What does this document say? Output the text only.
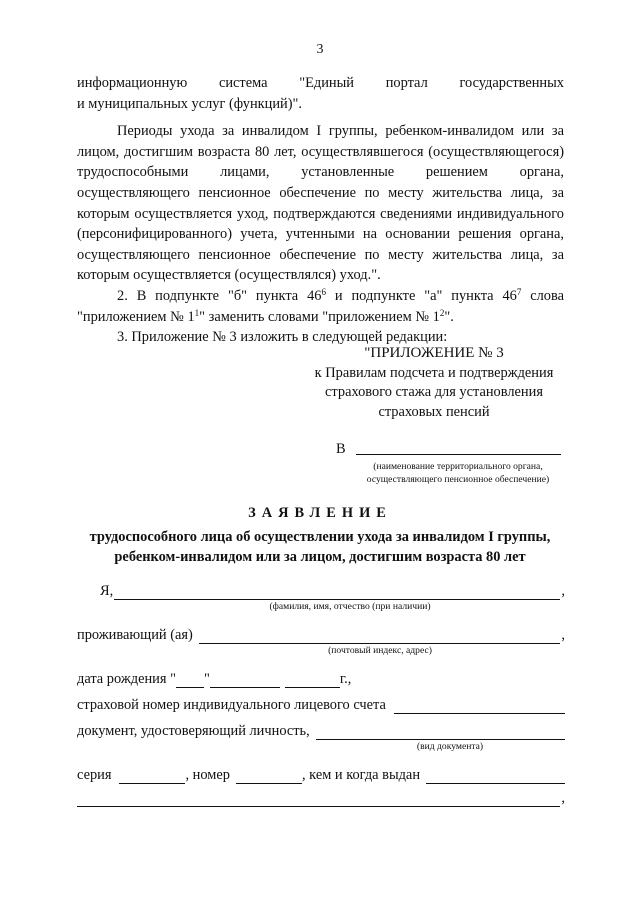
3

информационную система "Единый портал государственных

и муниципальных услуг (функций)".

Периоды ухода за инвалидом I группы, ребенком-инвалидом или за лицом, достигшим возраста 80 лет, осуществлявшегося (осуществляющегося) трудоспособными лицами, установленные решением органа, осуществляющего пенсионное обеспечение по месту жительства лица, за которым осуществляется уход, подтверждаются сведениями индивидуального (персонифицированного) учета, учтенными на основании решения органа, осуществляющего пенсионное обеспечение по месту жительства лица, за которым осуществляется (осуществлялся) уход.".

2. В подпункте "б" пункта $46^6$ и подпункте "а" пункта $46^7$ слова "приложением № $1^1$" заменить словами "приложением № $1^2$".

3. Приложение № 3 изложить в следующей редакции:

"ПРИЛОЖЕНИЕ № 3
к Правилам подсчета и подтверждения
страхового стажа для установления
страховых пенсий
В
(наименование территориального органа,
осуществляющего пенсионное обеспечение)
ЗАЯВЛЕНИЕ
трудоспособного лица об осуществлении ухода за инвалидом I группы,
ребенком-инвалидом или за лицом, достигшим возраста 80 лет
Я,	,
(фамилия, имя, отчество (при наличии)
проживающий (ая)	,
(почтовый индекс, адрес)
дата рождения " "	г.,
страховой номер индивидуального лицевого счета
документ, удостоверяющий личность,
(вид документа)
серия	, номер	, кем и когда выдан
,
